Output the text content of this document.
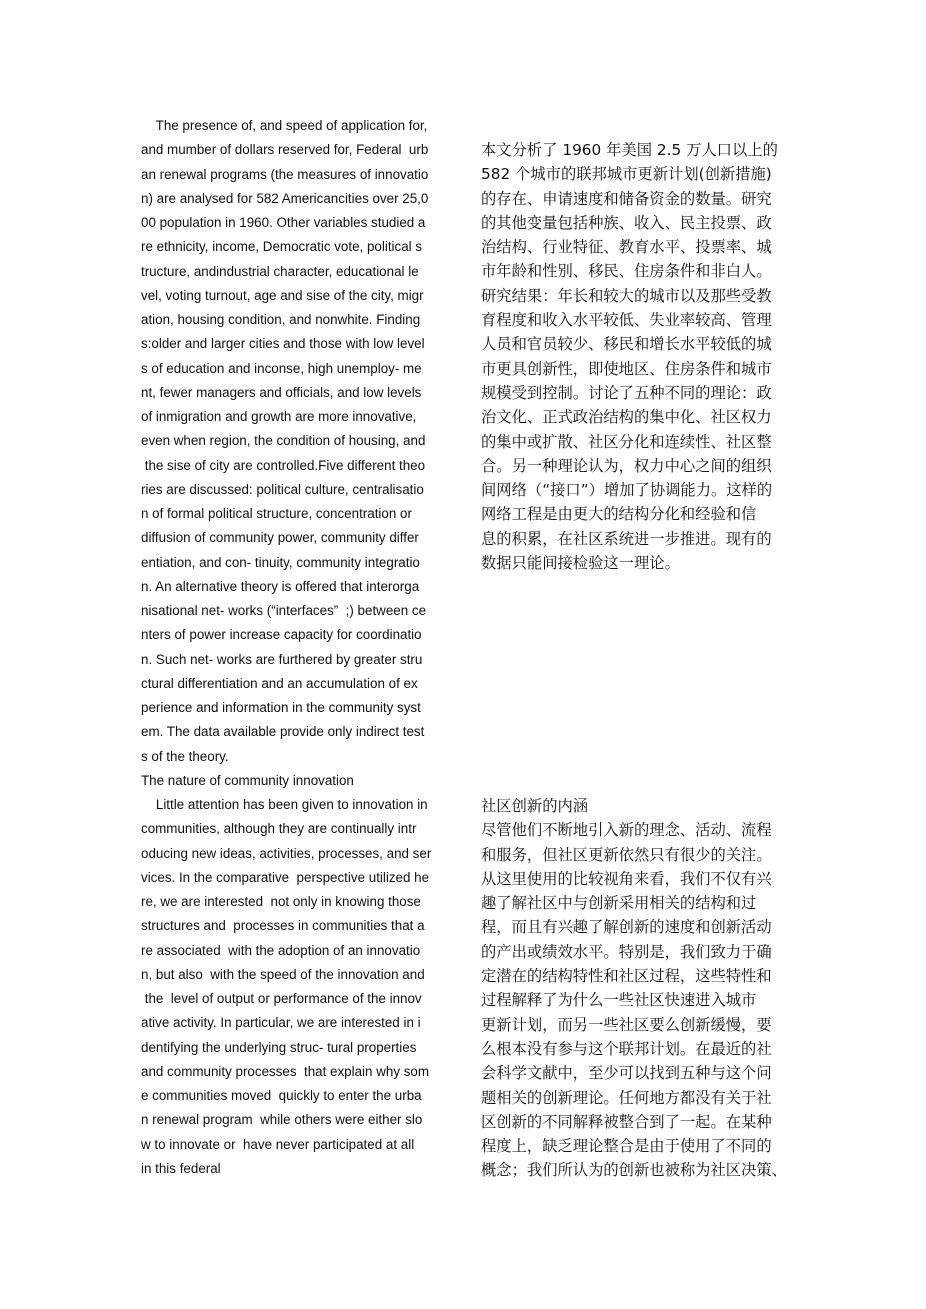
The presence of, and speed of application for,
and mumber of dollars reserved for, Federal  urb
an renewal programs (the measures of innovatio
n) are analysed for 582 Americancities over 25,0
00 population in 1960. Other variables studied a
re ethnicity, income, Democratic vote, political s
tructure, andindustrial character, educational le
vel, voting turnout, age and sise of the city, migr
ation, housing condition, and nonwhite. Finding
s:older and larger cities and those with low level
s of education and inconse, high unemploy- me
nt, fewer managers and officials, and low levels
of inmigration and growth are more innovative,
even when region, the condition of housing, and
the sise of city are controlled.Five different theo
ries are discussed: political culture, centralisatio
n of formal political structure, concentration or
diffusion of community power, community differ
entiation, and con- tinuity, community integratio
n. An alternative theory is offered that interorga
nisational net- works (“interfaces”  ;) between ce
nters of power increase capacity for coordinatio
n. Such net- works are furthered by greater stru
ctural differentiation and an accumulation of ex
perience and information in the community syst
em. The data available provide only indirect test
s of the theory.
The nature of community innovation
Little attention has been given to innovation in
communities, although they are continually intr
oducing new ideas, activities, processes, and ser
vices. In the comparative  perspective utilized he
re, we are interested  not only in knowing those
structures and  processes in communities that a
re associated  with the adoption of an innovatio
n, but also  with the speed of the innovation and
the  level of output or performance of the innov
ative activity. In particular, we are interested in i
dentifying the underlying struc- tural properties
and community processes  that explain why som
e communities moved  quickly to enter the urba
n renewal program  while others were either slo
w to innovate or  have never participated at all
in this federal
本文分析了 1960 年美国 2.5 万人口以上的
582 个城市的联邦城市更新计划(创新措施)
的存在、申请速度和储备资金的数量。研究
的其他变量包括种族、收入、民主投票、政
治结构、行业特征、教育水平、投票率、城
市年龄和性别、移民、住房条件和非白人。
研究结果：年长和较大的城市以及那些受教
育程度和收入水平较低、失业率较高、管理
人员和官员较少、移民和增长水平较低的城
市更具创新性，即使地区、住房条件和城市
规模受到控制。讨论了五种不同的理论：政
治文化、正式政治结构的集中化、社区权力
的集中或扩散、社区分化和连续性、社区整
合。另一种理论认为，权力中心之间的组织
间网络（“接口”）增加了协调能力。这样的
网络工程是由更大的结构分化和经验和信
息的积累，在社区系统进一步推进。现有的
数据只能间接检验这一理论。
社区创新的内涵
尽管他们不断地引入新的理念、活动、流程
和服务，但社区更新依然只有很少的关注。
从这里使用的比较视角来看，我们不仅有兴
趣了解社区中与创新采用相关的结构和过
程，而且有兴趣了解创新的速度和创新活动
的产出或绩效水平。特别是，我们致力于确
定潜在的结构特性和社区过程，这些特性和
过程解释了为什么一些社区快速进入城市
更新计划，而另一些社区要么创新缓慢，要
么根本没有参与这个联邦计划。在最近的社
会科学文献中，至少可以找到五种与这个问
题相关的创新理论。任何地方都没有关于社
区创新的不同解释被整合到了一起。在某种
程度上，缺乏理论整合是由于使用了不同的
概念；我们所认为的创新也被称为社区决策、
